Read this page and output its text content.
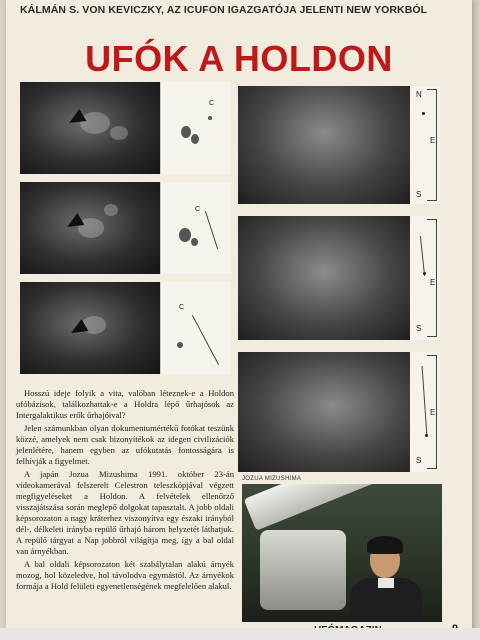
KÁLMÁN S. VON KEVICZKY, AZ ICUFON IGAZGATÓJA JELENTI NEW YORKBÓL
UFÓK A HOLDON
C
C
C
N
E
S
E
S
E
S

Hosszú ideje folyik a vita, valóban léteznek-e a Holdon ufóbázisok, találkozhattak-e a Holdra lépő űrhajósok az Intergalaktikus erők űrhajóival?

Jelen számunkban olyan dokumentumértékű fotókat teszünk közzé, amelyek nem csak bizonyítékok az idegen civilizációk jelenlétére, hanem egyben az ufókutatás fontosságára is felhívják a figyelmet.

A japán Jozua Mizushima 1991. október 23-án videokamerával felszerelt Celestron teleszkópjával végzett megfigyeléseket a Holdon. A felvételek ellenőrző visszajátszása során meglepő dolgokat tapasztalt. A jobb oldali képsorozaton a nagy kráterhez viszonyítva egy északi irányból dél-, délkeleti irányba repülő űrhajó három helyzetét láthatjuk. A repülő tárgyat a Nap jobbról világítja meg, így a bal oldal van árnyékban.

A bal oldali képsorozaton két szabálytalan alakú árnyék mozog, hol közeledve, hol távolodva egymástól. Az árnyékok formája a Hold felületi egyenetlenségének megfelelően alakul.

JOZUA MIZUSHIMA
